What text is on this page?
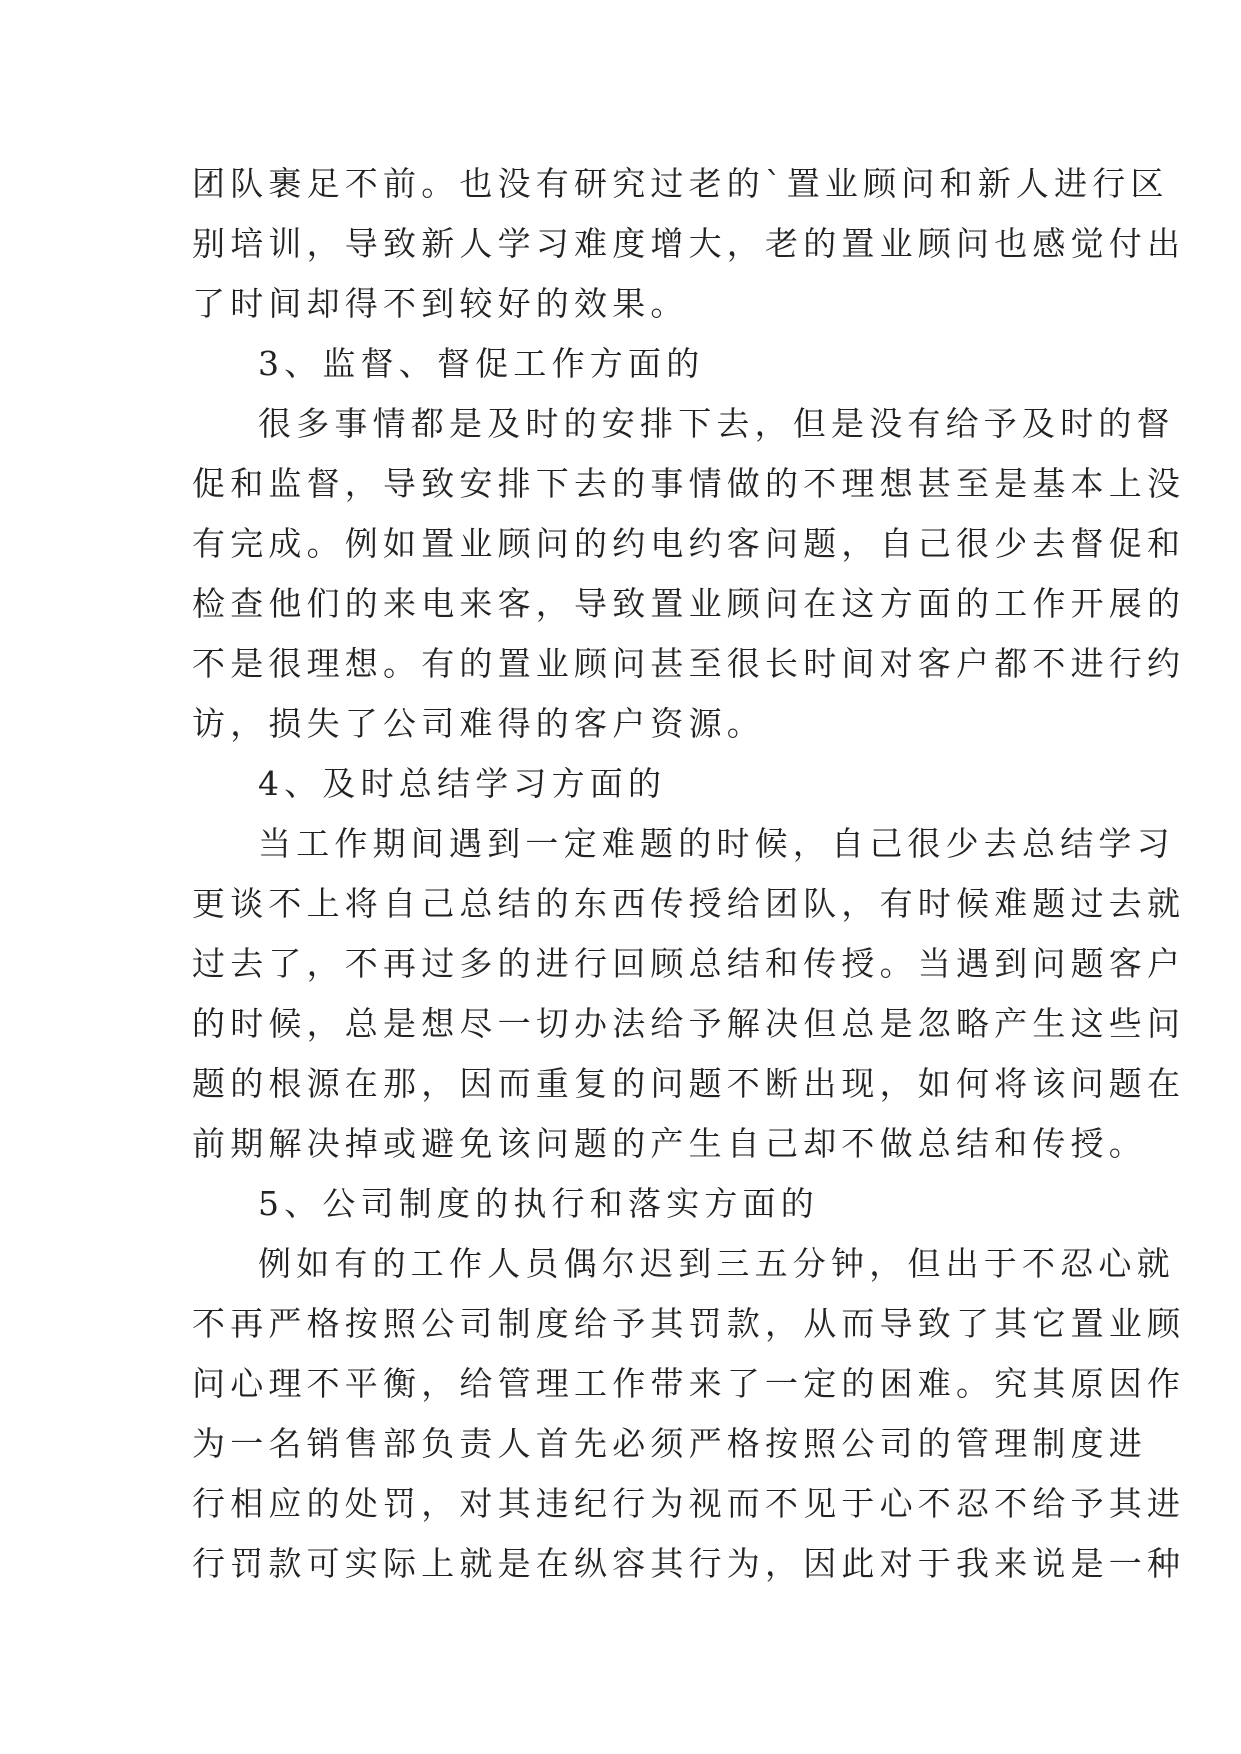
团队裹足不前。也没有研究过老的`置业顾问和新人进行区
别培训，导致新人学习难度增大，老的置业顾问也感觉付出
了时间却得不到较好的效果。
3、监督、督促工作方面的
很多事情都是及时的安排下去，但是没有给予及时的督
促和监督，导致安排下去的事情做的不理想甚至是基本上没
有完成。例如置业顾问的约电约客问题，自己很少去督促和
检查他们的来电来客，导致置业顾问在这方面的工作开展的
不是很理想。有的置业顾问甚至很长时间对客户都不进行约
访，损失了公司难得的客户资源。
4、及时总结学习方面的
当工作期间遇到一定难题的时候，自己很少去总结学习
更谈不上将自己总结的东西传授给团队，有时候难题过去就
过去了，不再过多的进行回顾总结和传授。当遇到问题客户
的时候，总是想尽一切办法给予解决但总是忽略产生这些问
题的根源在那，因而重复的问题不断出现，如何将该问题在
前期解决掉或避免该问题的产生自己却不做总结和传授。
5、公司制度的执行和落实方面的
例如有的工作人员偶尔迟到三五分钟，但出于不忍心就
不再严格按照公司制度给予其罚款，从而导致了其它置业顾
问心理不平衡，给管理工作带来了一定的困难。究其原因作
为一名销售部负责人首先必须严格按照公司的管理制度进
行相应的处罚，对其违纪行为视而不见于心不忍不给予其进
行罚款可实际上就是在纵容其行为，因此对于我来说是一种
